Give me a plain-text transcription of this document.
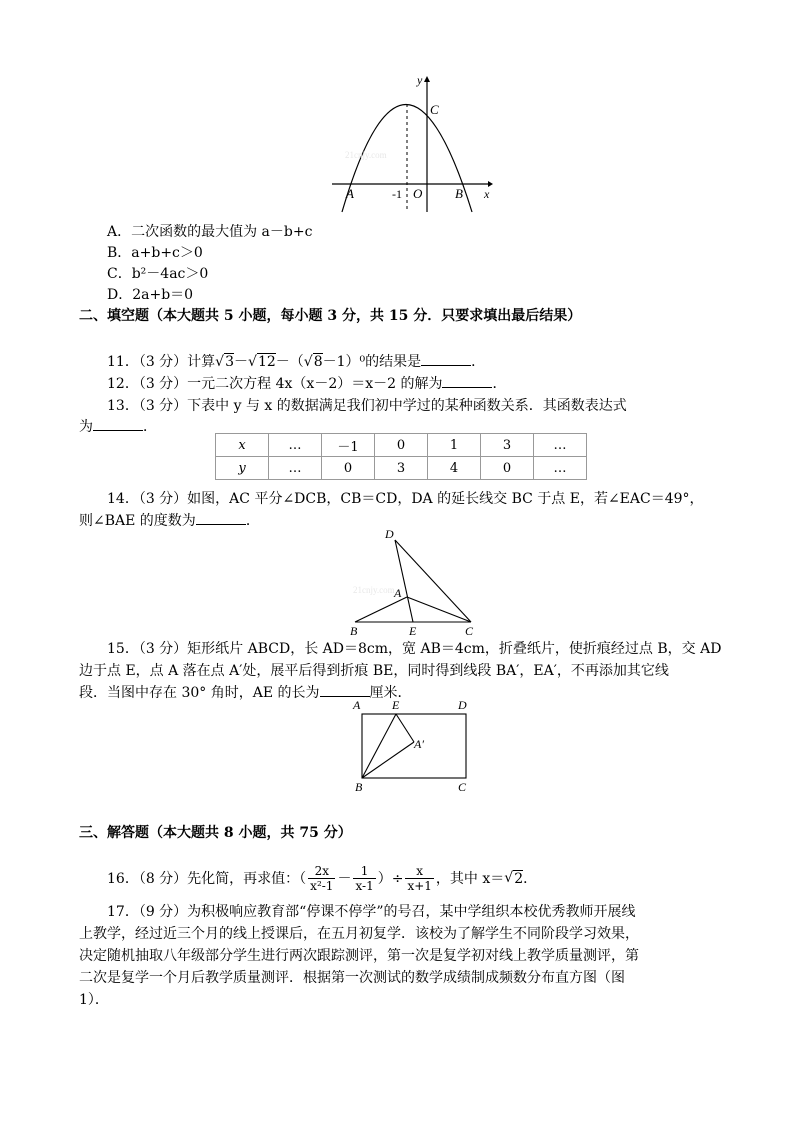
21cnjy.com
y
C
A	-1 O	B x
A．二次函数的最大值为 a－b+c
B．a+b+c＞0
C．b²－4ac＞0
D．2a+b＝0
二、填空题（本大题共 5 小题，每小题 3 分，共 15 分．只要求填出最后结果）
11．（3 分）计算√3－√12－（√8－1）⁰的结果是	．
12．（3 分）一元二次方程 4x（x－2）＝x－2 的解为	．
13．（3 分）下表中 y 与 x 的数据满足我们初中学过的某种函数关系．其函数表达式
为	．
x	…	－1	0	1	3	…
y	…	0	3	4	0	…
14．（3 分）如图，AC 平分∠DCB，CB＝CD，DA 的延长线交 BC 于点 E，若∠EAC＝49°，
则∠BAE 的度数为	．
21cnjy.com
D
A
B	E	C
15．（3 分）矩形纸片 ABCD，长 AD＝8cm，宽 AB＝4cm，折叠纸片，使折痕经过点 B，交 AD
边于点 E，点 A 落在点 A′处，展平后得到折痕 BE，同时得到线段 BA′，EA′，不再添加其它线
段．当图中存在 30° 角时，AE 的长为	厘米．
A	E	D
A′
B	C
三、解答题（本大题共 8 小题，共 75 分）
16．（8 分）先化简，再求值：（ $\frac{2x}{\text{x²-1}} - \frac{1}{x-1}$ ）÷ $\frac{x}{x+1}$ ，其中 x＝ √ 2 ．
17．（9 分）为积极响应教育部“停课不停学”的号召，某中学组织本校优秀教师开展线
上教学，经过近三个月的线上授课后，在五月初复学．该校为了解学生不同阶段学习效果，
决定随机抽取八年级部分学生进行两次跟踪测评，第一次是复学初对线上教学质量测评，第
二次是复学一个月后教学质量测评．根据第一次测试的数学成绩制成频数分布直方图（图
1）．
